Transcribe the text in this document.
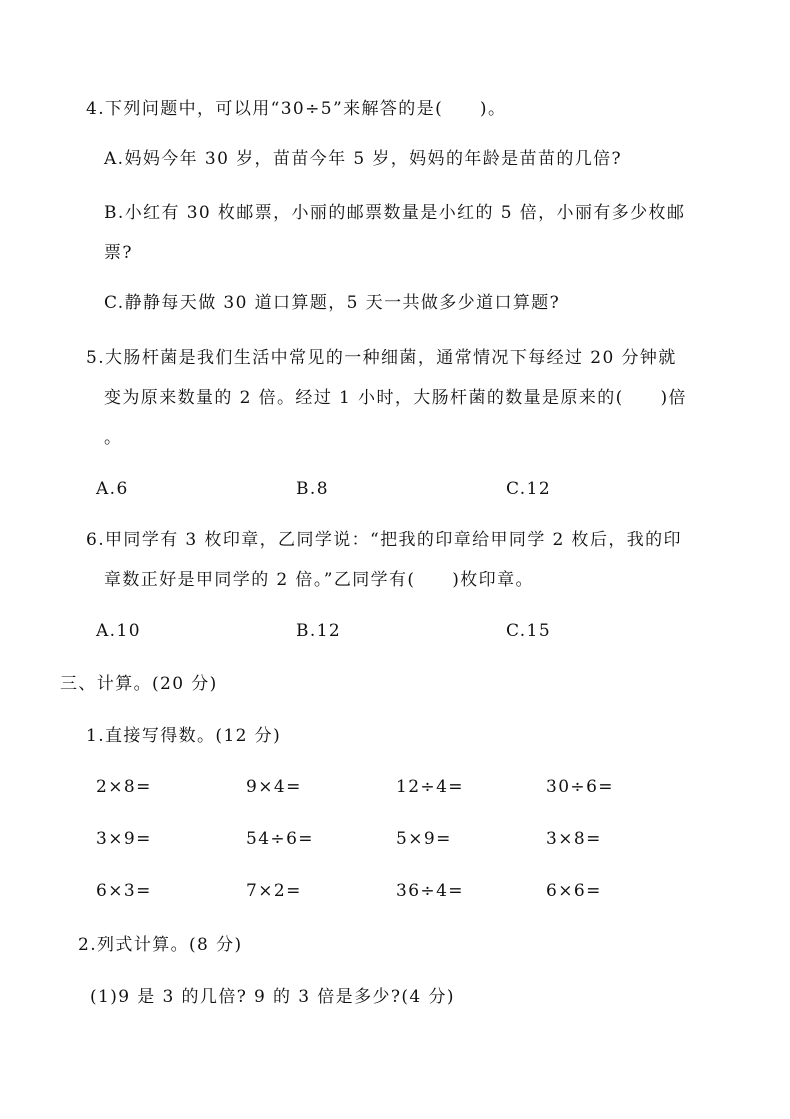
4.下列问题中，可以用“30÷5”来解答的是(　　)。
A.妈妈今年 30 岁，苗苗今年 5 岁，妈妈的年龄是苗苗的几倍?
B.小红有 30 枚邮票，小丽的邮票数量是小红的 5 倍，小丽有多少枚邮
票?
C.静静每天做 30 道口算题，5 天一共做多少道口算题?
5.大肠杆菌是我们生活中常见的一种细菌，通常情况下每经过 20 分钟就
变为原来数量的 2 倍。经过 1 小时，大肠杆菌的数量是原来的(　　)倍
。
A.6	B.8	C.12
6.甲同学有 3 枚印章，乙同学说：“把我的印章给甲同学 2 枚后，我的印
章数正好是甲同学的 2 倍。”乙同学有(　　)枚印章。
A.10	B.12	C.15
三、计算。(20 分)
1.直接写得数。(12 分)
2×8=	9×4=	12÷4=	30÷6=
3×9=	54÷6=	5×9=	3×8=
6×3=	7×2=	36÷4=	6×6=
2.列式计算。(8 分)
(1)9 是 3 的几倍? 9 的 3 倍是多少?(4 分)
